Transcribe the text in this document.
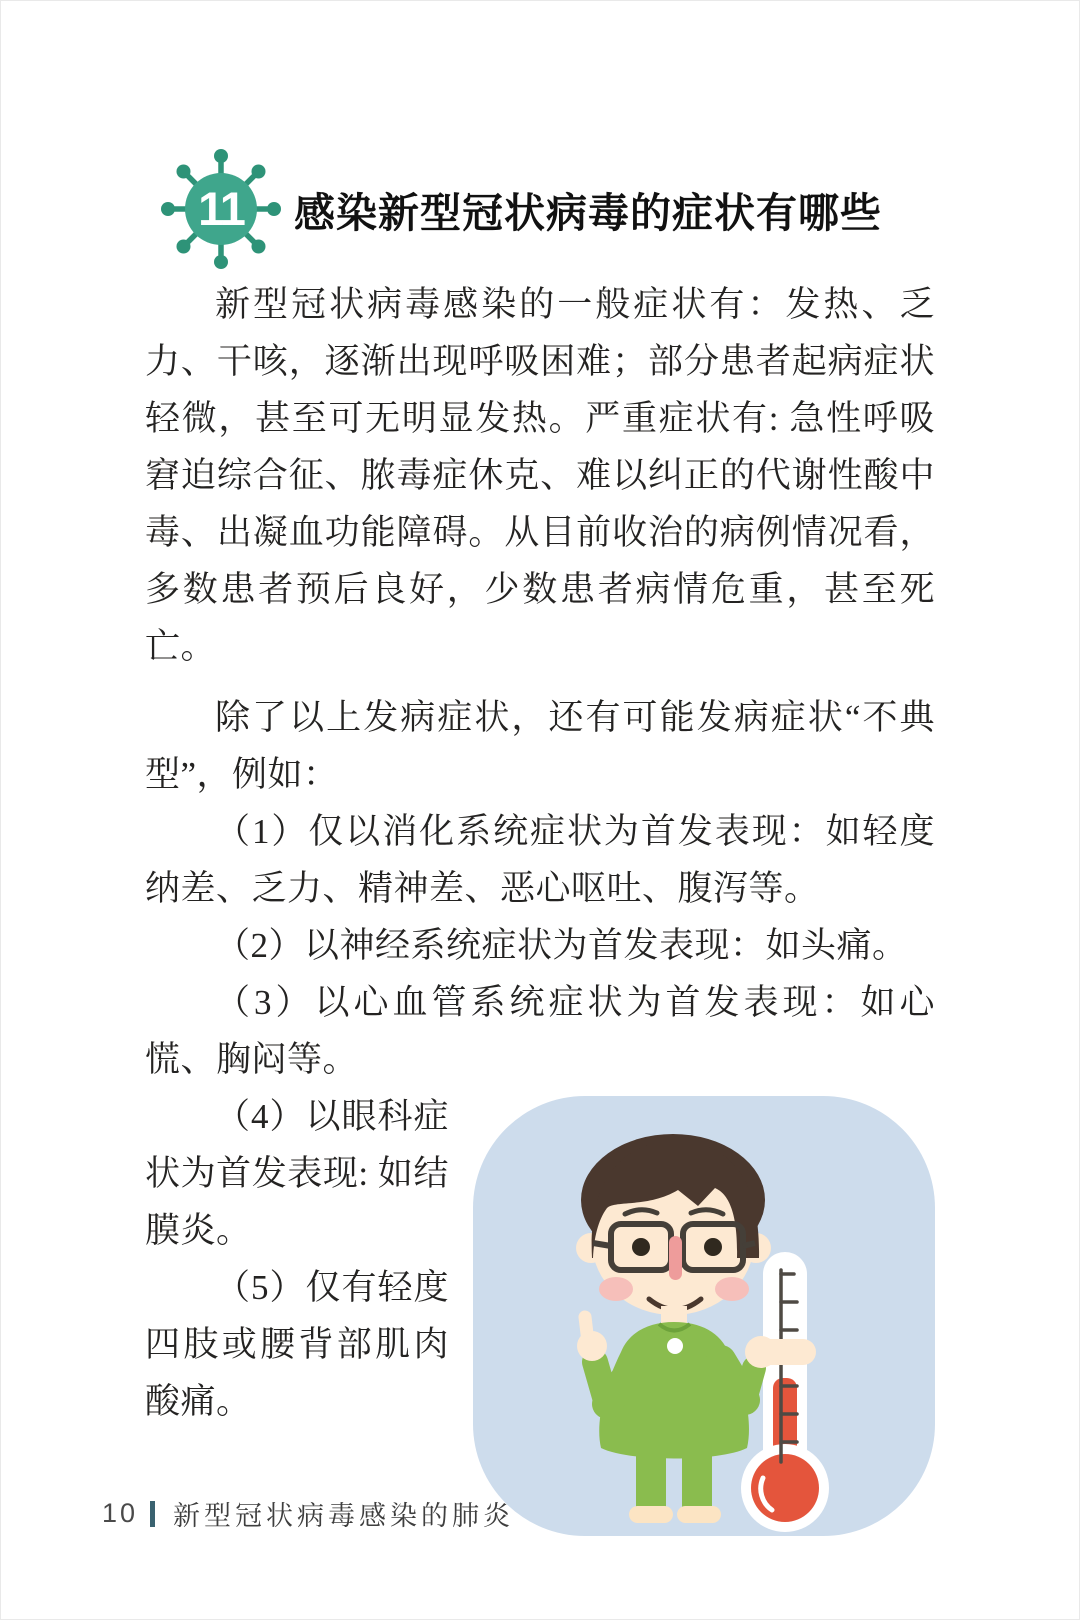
11 感染新型冠状病毒的症状有哪些

新型冠状病毒感染的一般症状有：发热、乏力、干咳，逐渐出现呼吸困难；部分患者起病症状轻微，甚至可无明显发热。严重症状有: 急性呼吸窘迫综合征、脓毒症休克、难以纠正的代谢性酸中毒、出凝血功能障碍。从目前收治的病例情况看，多数患者预后良好，少数患者病情危重，甚至死亡。

除了以上发病症状，还有可能发病症状“不典型”，例如：

（1）仅以消化系统症状为首发表现：如轻度纳差、乏力、精神差、恶心呕吐、腹泻等。

（2）以神经系统症状为首发表现：如头痛。

（3）以心血管系统症状为首发表现：如心慌、胸闷等。

（4）以眼科症状为首发表现: 如结膜炎。

（5）仅有轻度四肢或腰背部肌肉酸痛。

10 新型冠状病毒感染的肺炎
